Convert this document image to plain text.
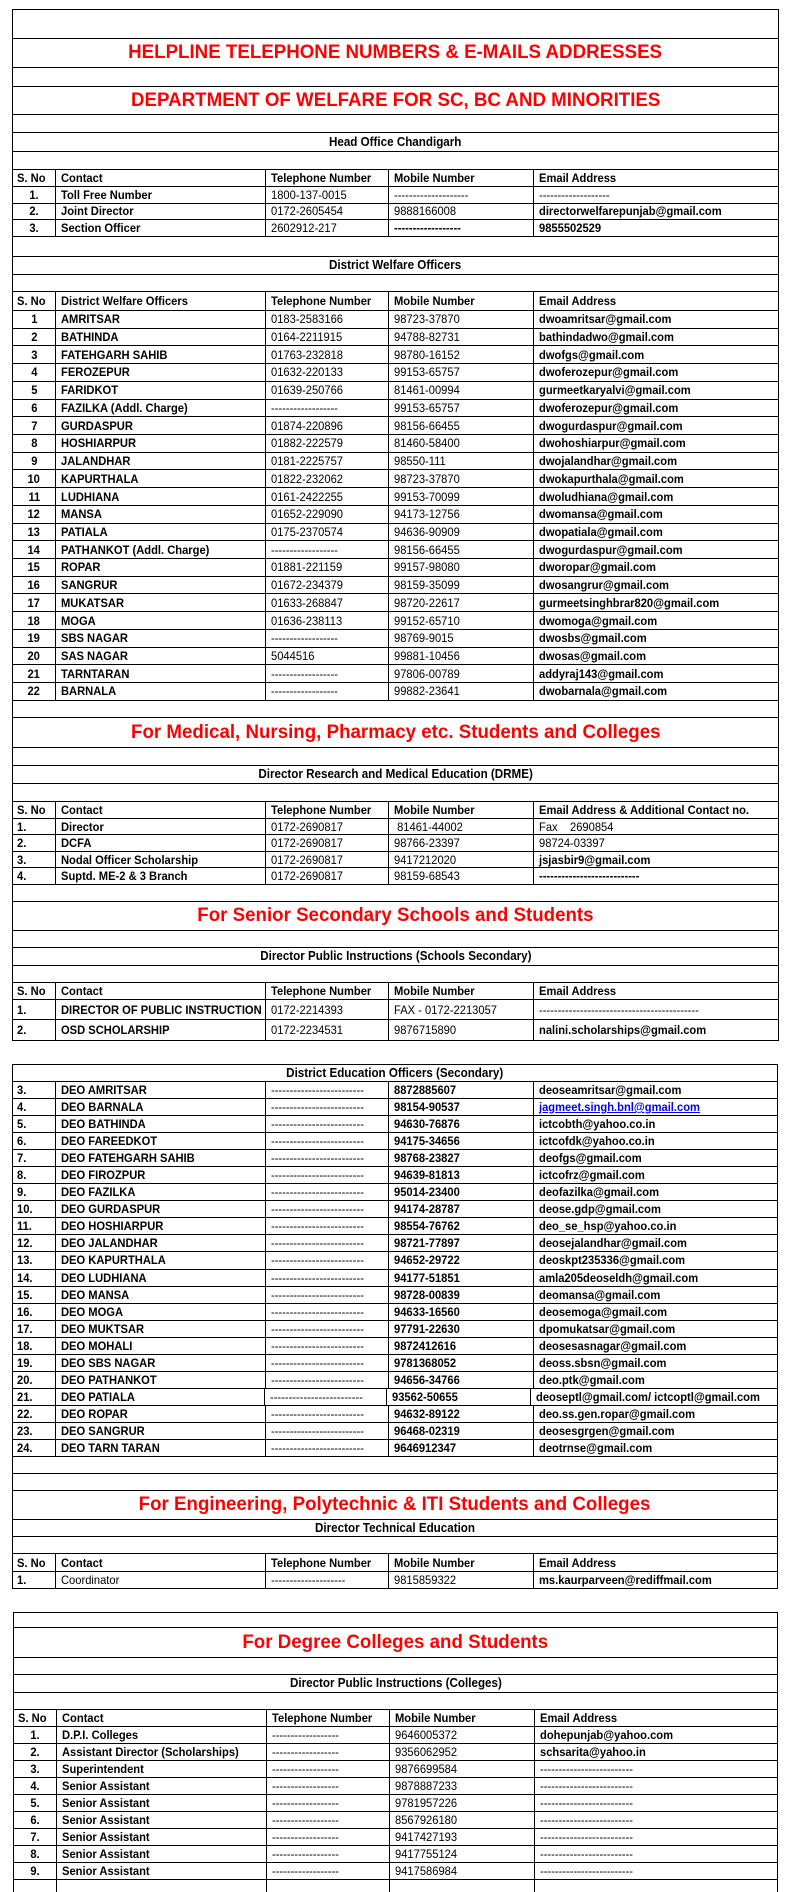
HELPLINE TELEPHONE NUMBERS & E-MAILS ADDRESSES
DEPARTMENT OF WELFARE FOR SC, BC AND MINORITIES
Head Office Chandigarh
S. No Contact	Telephone Number Mobile Number	Email Address
1. Toll Free Number	1800-137-0015	--------------------	-------------------
2. Joint Director	0172-2605454	9888166008	directorwelfarepunjab@gmail.com
3. Section Officer	2602912-217	------------------	9855502529
District Welfare Officers
S. No District Welfare Officers	Telephone Number Mobile Number	Email Address
1 AMRITSAR	0183-2583166	98723-37870	dwoamritsar@gmail.com
2 BATHINDA	0164-2211915	94788-82731	bathindadwo@gmail.com
3 FATEHGARH SAHIB	01763-232818	98780-16152	dwofgs@gmail.com
4 FEROZEPUR	01632-220133	99153-65757	dwoferozepur@gmail.com
5 FARIDKOT	01639-250766	81461-00994	gurmeetkaryalvi@gmail.com
6 FAZILKA (Addl. Charge)	------------------	99153-65757	dwoferozepur@gmail.com
7 GURDASPUR	01874-220896	98156-66455	dwogurdaspur@gmail.com
8 HOSHIARPUR	01882-222579	81460-58400	dwohoshiarpur@gmail.com
9 JALANDHAR	0181-2225757	98550-111	dwojalandhar@gmail.com
10 KAPURTHALA	01822-232062	98723-37870	dwokapurthala@gmail.com
11 LUDHIANA	0161-2422255	99153-70099	dwoludhiana@gmail.com
12 MANSA	01652-229090	94173-12756	dwomansa@gmail.com
13 PATIALA	0175-2370574	94636-90909	dwopatiala@gmail.com
14 PATHANKOT (Addl. Charge)	------------------	98156-66455	dwogurdaspur@gmail.com
15 ROPAR	01881-221159	99157-98080	dworopar@gmail.com
16 SANGRUR	01672-234379	98159-35099	dwosangrur@gmail.com
17 MUKATSAR	01633-268847	98720-22617	gurmeetsinghbrar820@gmail.com
18 MOGA	01636-238113	99152-65710	dwomoga@gmail.com
19 SBS NAGAR	------------------	98769-9015	dwosbs@gmail.com
20 SAS NAGAR	5044516	99881-10456	dwosas@gmail.com
21 TARNTARAN	------------------	97806-00789	addyraj143@gmail.com
22 BARNALA	------------------	99882-23641	dwobarnala@gmail.com
For Medical, Nursing, Pharmacy etc. Students and Colleges
Director Research and Medical Education (DRME)
S. No Contact	Telephone Number Mobile Number	Email Address & Additional Contact no.
1.	Director	0172-2690817	81461-44002	Fax    2690854
2.	DCFA	0172-2690817	98766-23397	98724-03397
3.	Nodal Officer Scholarship	0172-2690817	9417212020	jsjasbir9@gmail.com
4.	Suptd. ME-2 & 3 Branch	0172-2690817	98159-68543	---------------------------
For Senior Secondary Schools and Students
Director Public Instructions (Schools Secondary)
S. No Contact	Telephone Number Mobile Number	Email Address
1.	DIRECTOR OF PUBLIC INSTRUCTION 0172-2214393	FAX - 0172-2213057	-------------------------------------------
2.	OSD SCHOLARSHIP	0172-2234531	9876715890	nalini.scholarships@gmail.com
District Education Officers (Secondary)
3.	DEO AMRITSAR	-------------------------	8872885607	deoseamritsar@gmail.com
4.	DEO BARNALA	-------------------------	98154-90537	jagmeet.singh.bnl@gmail.com
5.	DEO BATHINDA	-------------------------	94630-76876	ictcobth@yahoo.co.in
6.	DEO FAREEDKOT	-------------------------	94175-34656	ictcofdk@yahoo.co.in
7.	DEO FATEHGARH SAHIB	-------------------------	98768-23827	deofgs@gmail.com
8.	DEO FIROZPUR	-------------------------	94639-81813	ictcofrz@gmail.com
9.	DEO FAZILKA	-------------------------	95014-23400	deofazilka@gmail.com
10. DEO GURDASPUR	-------------------------	94174-28787	deose.gdp@gmail.com
11. DEO HOSHIARPUR	-------------------------	98554-76762	deo_se_hsp@yahoo.co.in
12. DEO JALANDHAR	-------------------------	98721-77897	deosejalandhar@gmail.com
13. DEO KAPURTHALA	-------------------------	94652-29722	deoskpt235336@gmail.com
14. DEO LUDHIANA	-------------------------	94177-51851	amla205deoseldh@gmail.com
15. DEO MANSA	-------------------------	98728-00839	deomansa@gmail.com
16. DEO MOGA	-------------------------	94633-16560	deosemoga@gmail.com
17. DEO MUKTSAR	-------------------------	97791-22630	dpomukatsar@gmail.com
18. DEO MOHALI	-------------------------	9872412616	deosesasnagar@gmail.com
19. DEO SBS NAGAR	-------------------------	9781368052	deoss.sbsn@gmail.com
20. DEO PATHANKOT	-------------------------	94656-34766	deo.ptk@gmail.com
21. DEO PATIALA	------------------------- 93562-50655	deoseptl@gmail.com/ ictcoptl@gmail.com
22. DEO ROPAR	-------------------------	94632-89122	deo.ss.gen.ropar@gmail.com
23. DEO SANGRUR	-------------------------	96468-02319	deosesgrgen@gmail.com
24. DEO TARN TARAN	-------------------------	9646912347	deotrnse@gmail.com
For Engineering, Polytechnic & ITI Students and Colleges
Director Technical Education
S. No Contact	Telephone Number Mobile Number	Email Address
1.	Coordinator	--------------------	9815859322	ms.kaurparveen@rediffmail.com
For Degree Colleges and Students
Director Public Instructions (Colleges)
S. No Contact	Telephone Number Mobile Number	Email Address
1. D.P.I. Colleges	------------------	9646005372	dohepunjab@yahoo.com
2. Assistant Director (Scholarships)	------------------	9356062952	schsarita@yahoo.in
3. Superintendent	------------------	9876699584	-------------------------
4. Senior Assistant	------------------	9878887233	-------------------------
5. Senior Assistant	------------------	9781957226	-------------------------
6. Senior Assistant	------------------	8567926180	-------------------------
7. Senior Assistant	------------------	9417427193	-------------------------
8. Senior Assistant	------------------	9417755124	-------------------------
9. Senior Assistant	------------------	9417586984	-------------------------
